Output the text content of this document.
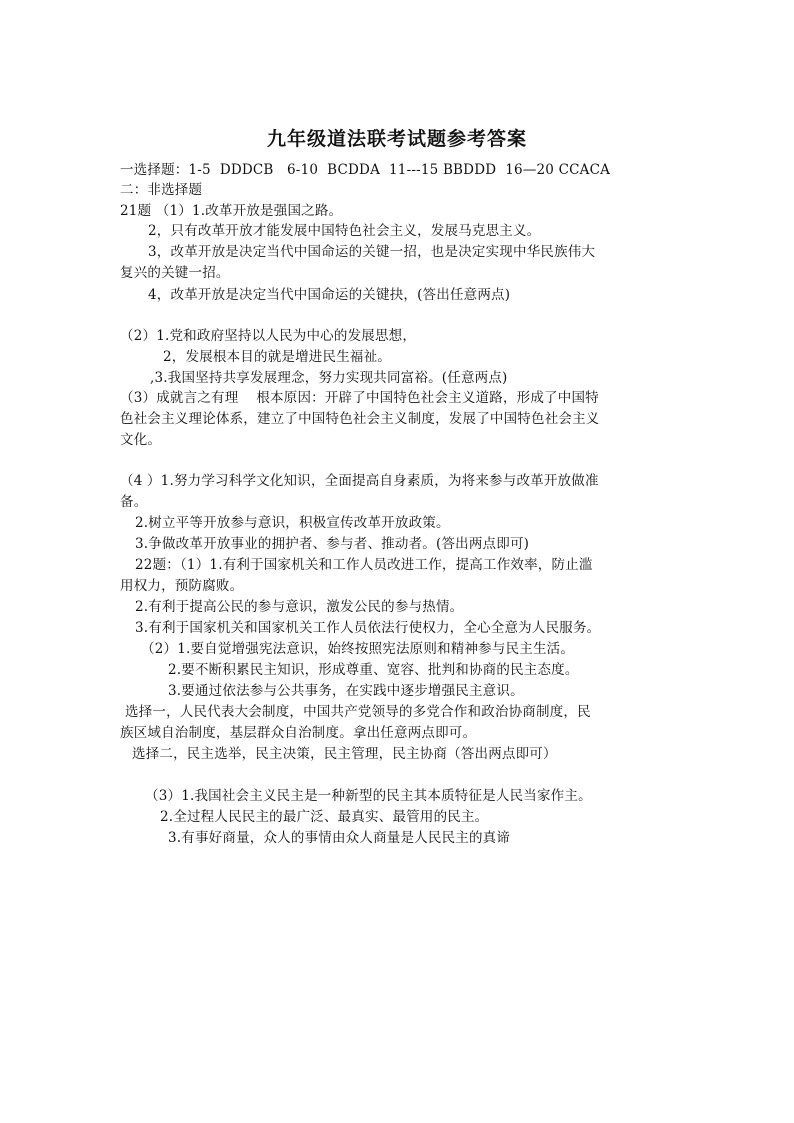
九年级道法联考试题参考答案
一选择题：1-5  DDDCB   6-10  BCDDA  11---15 BBDDD  16—20 CCACA
二：非选择题
21题 （1）1.改革开放是强国之路。
2，只有改革开放才能发展中国特色社会主义，发展马克思主义。
3，改革开放是决定当代中国命运的关键一招，也是决定实现中华民族伟大
复兴的关键一招。
4，改革开放是决定当代中国命运的关键抉，(答出任意两点)
（2）1.党和政府坚持以人民为中心的发展思想，
2，发展根本目的就是增进民生福祉。
,3.我国坚持共享发展理念，努力实现共同富裕。(任意两点)
（3）成就言之有理    根本原因：开辟了中国特色社会主义道路，形成了中国特
色社会主义理论体系，建立了中国特色社会主义制度，发展了中国特色社会主义
文化。
（4 ）1.努力学习科学文化知识，全面提高自身素质，为将来参与改革开放做准
备。
2.树立平等开放参与意识，积极宣传改革开放政策。
3.争做改革开放事业的拥护者、参与者、推动者。(答出两点即可)
22题：（1）1.有利于国家机关和工作人员改进工作，提高工作效率，防止滥
用权力，预防腐败。
2.有利于提高公民的参与意识，激发公民的参与热情。
3.有利于国家机关和国家机关工作人员依法行使权力，全心全意为人民服务。
（2）1.要自觉增强宪法意识，始终按照宪法原则和精神参与民主生活。
2.要不断积累民主知识，形成尊重、宽容、批判和协商的民主态度。
3.要通过依法参与公共事务，在实践中逐步增强民主意识。
选择一，人民代表大会制度，中国共产党领导的多党合作和政治协商制度，民
族区域自治制度，基层群众自治制度。拿出任意两点即可。
选择二，民主选举，民主决策，民主管理，民主协商（答出两点即可）
（3）1.我国社会主义民主是一种新型的民主其本质特征是人民当家作主。
2.全过程人民民主的最广泛、最真实、最管用的民主。
3.有事好商量，众人的事情由众人商量是人民民主的真谛
